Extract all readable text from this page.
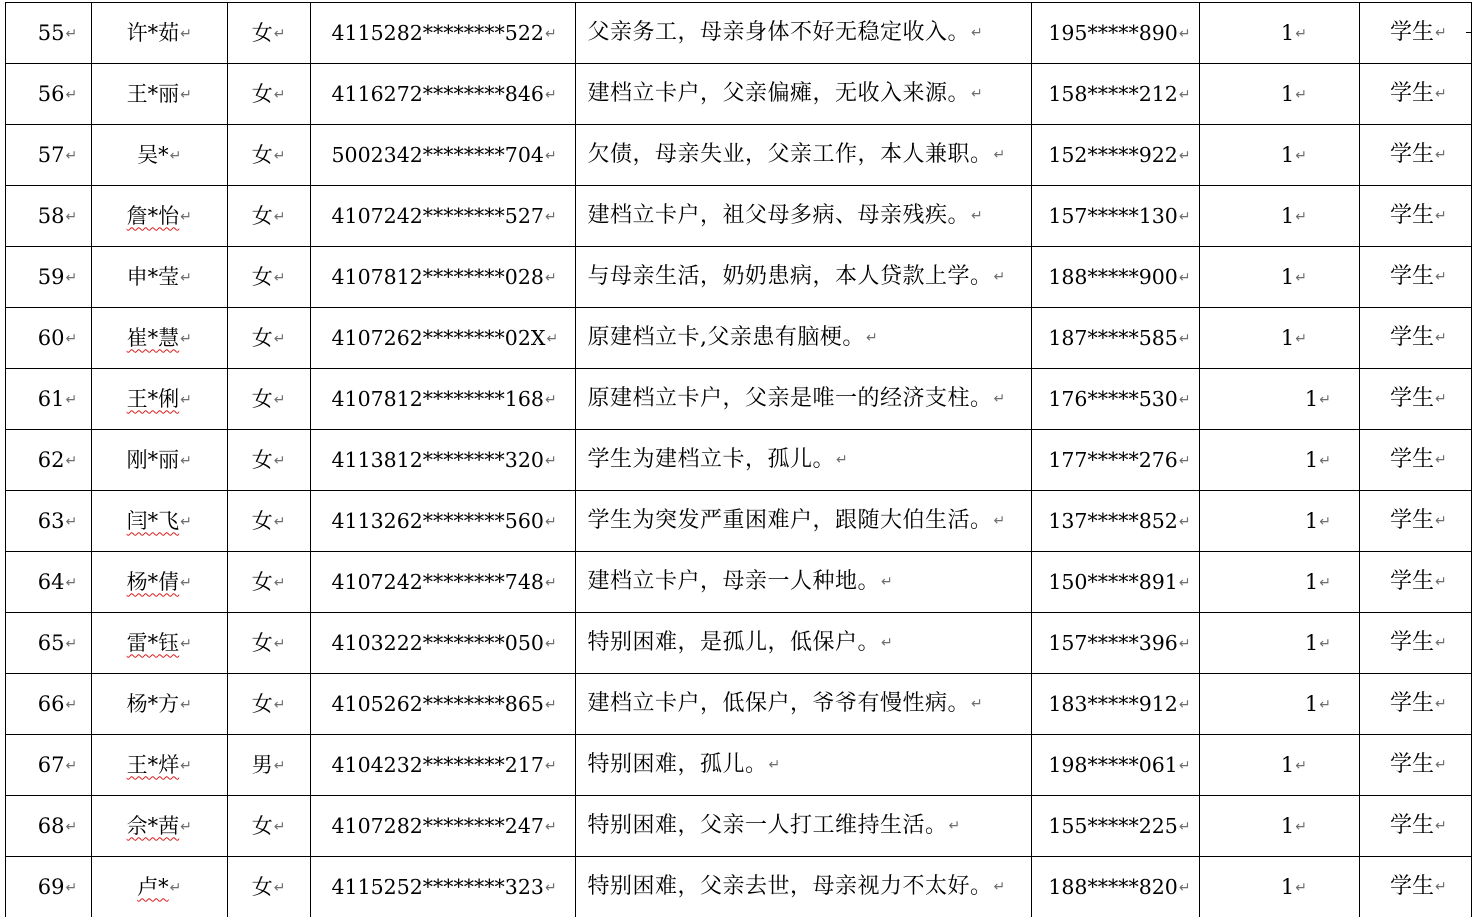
55↵	许*茹↵	女↵	4115282********522↵	父亲务工，母亲身体不好无稳定收入。↵	195*****890↵	1↵	学生↵
56↵	王*丽↵	女↵	4116272********846↵	建档立卡户，父亲偏瘫，无收入来源。↵	158*****212↵	1↵	学生↵
57↵	吴*↵	女↵	5002342********704↵	欠债，母亲失业，父亲工作，本人兼职。↵	152*****922↵	1↵	学生↵
58↵	詹*怡↵	女↵	4107242********527↵	建档立卡户，祖父母多病、母亲残疾。↵	157*****130↵	1↵	学生↵
59↵	申*莹↵	女↵	4107812********028↵	与母亲生活，奶奶患病，本人贷款上学。↵	188*****900↵	1↵	学生↵
60↵	崔*慧↵	女↵	4107262********02X↵	原建档立卡,父亲患有脑梗。↵	187*****585↵	1↵	学生↵
61↵	王*俐↵	女↵	4107812********168↵	原建档立卡户，父亲是唯一的经济支柱。↵	176*****530↵	1↵	学生↵
62↵	刚*丽↵	女↵	4113812********320↵	学生为建档立卡，孤儿。↵	177*****276↵	1↵	学生↵
63↵	闫*飞↵	女↵	4113262********560↵	学生为突发严重困难户，跟随大伯生活。↵	137*****852↵	1↵	学生↵
64↵	杨*倩↵	女↵	4107242********748↵	建档立卡户，母亲一人种地。↵	150*****891↵	1↵	学生↵
65↵	雷*钰↵	女↵	4103222********050↵	特别困难，是孤儿，低保户。↵	157*****396↵	1↵	学生↵
66↵	杨*方↵	女↵	4105262********865↵	建档立卡户，低保户，爷爷有慢性病。↵	183*****912↵	1↵	学生↵
67↵	王*烊↵	男↵	4104232********217↵	特别困难，孤儿。↵	198*****061↵	1↵	学生↵
68↵	佘*茜↵	女↵	4107282********247↵	特别困难，父亲一人打工维持生活。↵	155*****225↵	1↵	学生↵
69↵	卢*↵	女↵	4115252********323↵	特别困难，父亲去世，母亲视力不太好。↵	188*****820↵	1↵	学生↵
